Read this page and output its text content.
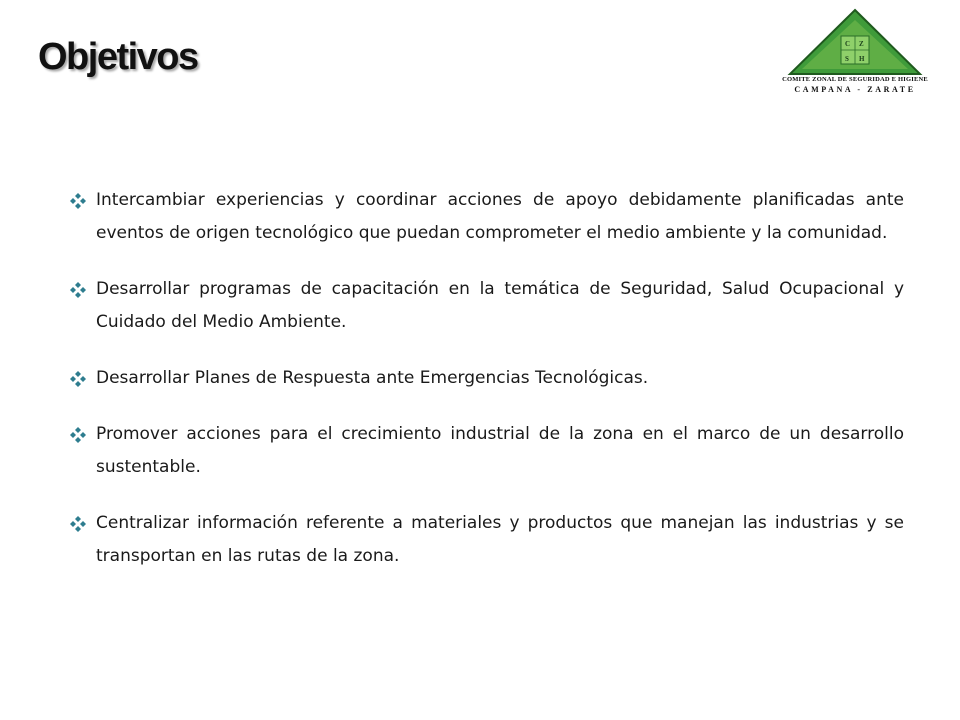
Objetivos	C Z
S H
COMITE ZONAL DE SEGURIDAD E HIGIENE
CAMPANA - ZARATE
Intercambiar experiencias y coordinar acciones de apoyo debidamente planificadas ante eventos de origen tecnológico que puedan comprometer el medio ambiente y la comunidad.
Desarrollar programas de capacitación en la temática de Seguridad, Salud Ocupacional y Cuidado del Medio Ambiente.
Desarrollar Planes de Respuesta ante Emergencias Tecnológicas.
Promover acciones para el crecimiento industrial de la zona en el marco de un desarrollo sustentable.
Centralizar información referente a materiales y productos que manejan las industrias y se transportan en las rutas de la zona.
